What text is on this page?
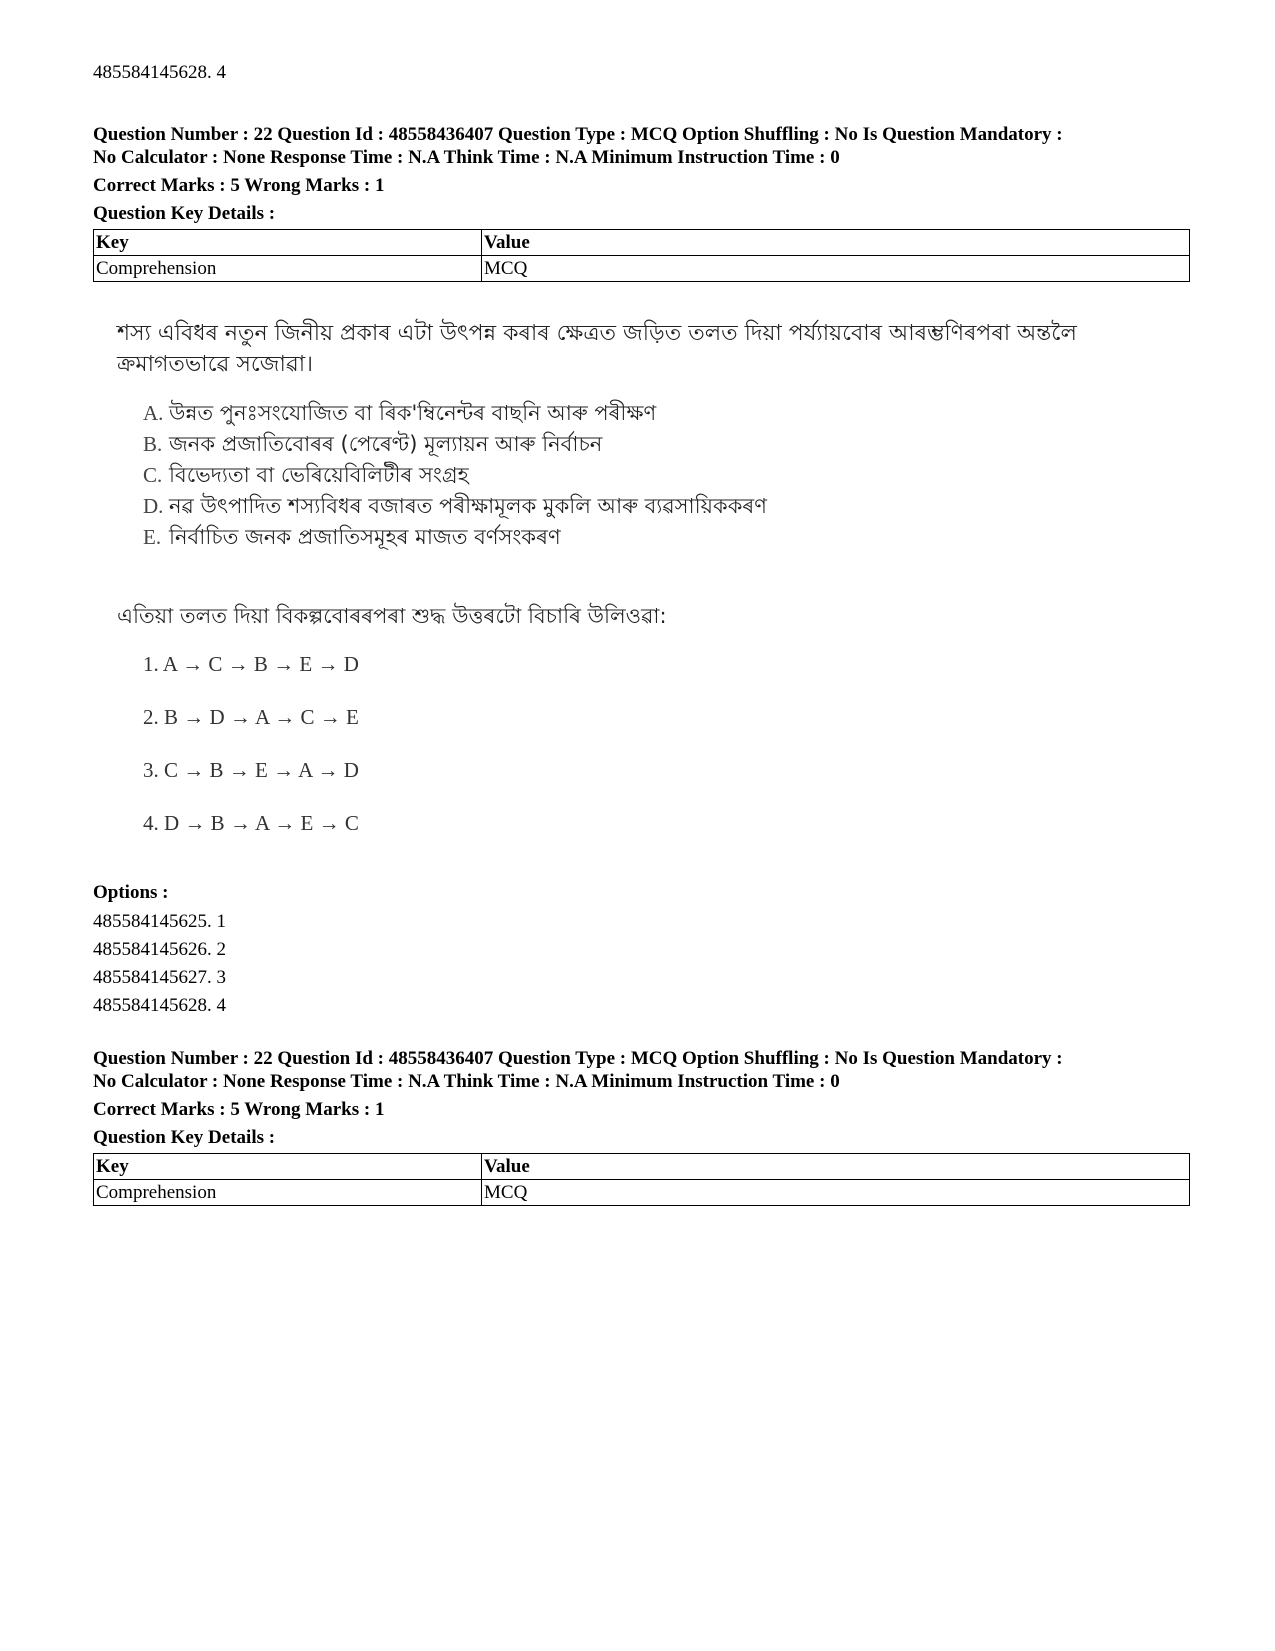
485584145628. 4
Question Number : 22 Question Id : 48558436407 Question Type : MCQ Option Shuffling : No Is Question Mandatory :
No Calculator : None Response Time : N.A Think Time : N.A Minimum Instruction Time : 0
Correct Marks : 5 Wrong Marks : 1
Question Key Details :
Key	Value
Comprehension	MCQ
শস্য এবিধৰ নতুন জিনীয় প্ৰকাৰ এটা উৎপন্ন কৰাৰ ক্ষেত্ৰত জড়িত তলত দিয়া পৰ্য্যায়বোৰ আৰম্ভণিৰপৰা অন্তলৈ ক্ৰমাগতভাৱে সজোৱা।
A. উন্নত পুনঃসংযোজিত বা ৰিক'ম্বিনেন্টৰ বাছনি আৰু পৰীক্ষণ
B. জনক প্ৰজাতিবোৰৰ (পেৰেণ্ট) মূল্যায়ন আৰু নিৰ্বাচন
C. বিভেদ্যতা বা ভেৰিয়েবিলিটীৰ সংগ্ৰহ
D. নৱ উৎপাদিত শস্যবিধৰ বজাৰত পৰীক্ষামূলক মুকলি আৰু ব্যৱসায়িককৰণ
E. নিৰ্বাচিত জনক প্ৰজাতিসমূহৰ মাজত বৰ্ণসংকৰণ
এতিয়া তলত দিয়া বিকল্পবোৰৰপৰা শুদ্ধ উত্তৰটো বিচাৰি উলিওৱা:
1. A → C → B → E → D
2. B → D → A → C → E
3. C → B → E → A → D
4. D → B → A → E → C
Options :
485584145625. 1
485584145626. 2
485584145627. 3
485584145628. 4
Question Number : 22 Question Id : 48558436407 Question Type : MCQ Option Shuffling : No Is Question Mandatory :
No Calculator : None Response Time : N.A Think Time : N.A Minimum Instruction Time : 0
Correct Marks : 5 Wrong Marks : 1
Question Key Details :
Key	Value
Comprehension	MCQ
